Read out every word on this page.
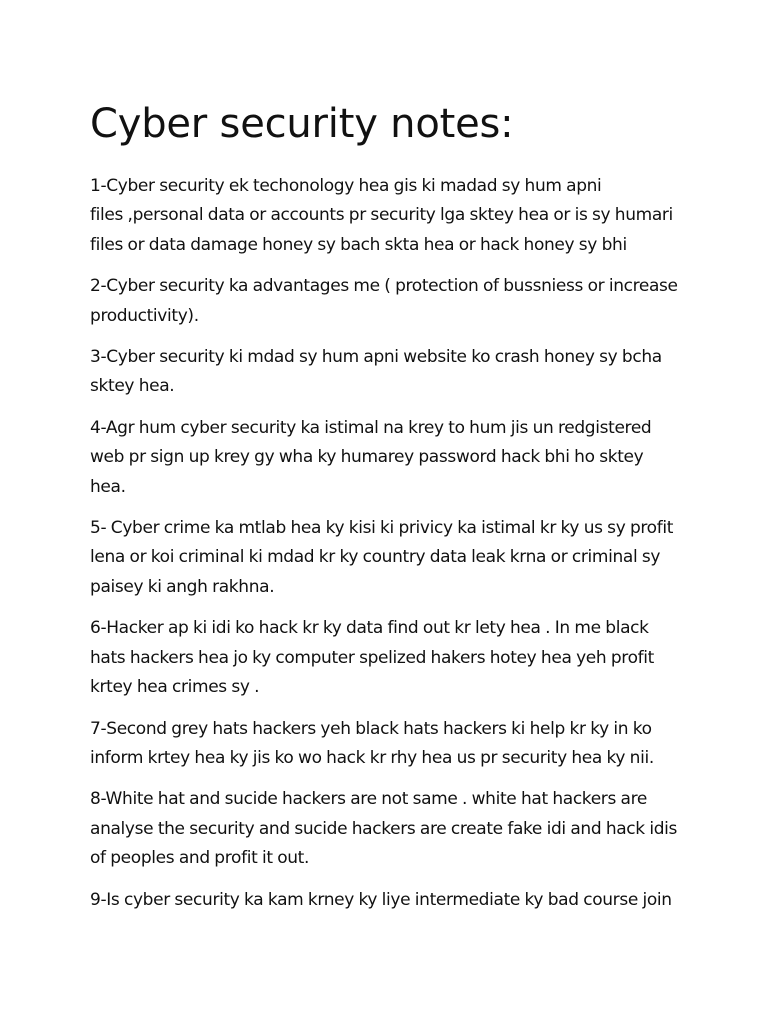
Cyber security notes:

1-Cyber security ek techonology hea gis ki madad sy hum apni
files ,personal data or accounts pr security lga sktey hea or is sy humari
files or data damage honey sy bach skta hea or hack honey sy bhi

2-Cyber security ka advantages me ( protection of bussniess or increase
productivity).

3-Cyber security ki mdad sy hum apni website ko crash honey sy bcha
sktey hea.

4-Agr hum cyber security ka istimal na krey to hum jis un redgistered
web pr sign up krey gy wha ky humarey password hack bhi ho sktey
hea.

5- Cyber crime ka mtlab hea ky kisi ki privicy ka istimal kr ky us sy profit
lena or koi criminal ki mdad kr ky country data leak krna or criminal sy
paisey ki angh rakhna.

6-Hacker ap ki idi ko hack kr ky data find out kr lety hea . In me black
hats hackers hea jo ky computer spelized hakers hotey hea yeh profit
krtey hea crimes sy .

7-Second grey hats hackers yeh black hats hackers ki help kr ky in ko
inform krtey hea ky jis ko wo hack kr rhy hea us pr security hea ky nii.

8-White hat and sucide hackers are not same . white hat hackers are
analyse the security and sucide hackers are create fake idi and hack idis
of peoples and profit it out.

9-Is cyber security ka kam krney ky liye intermediate ky bad course join
